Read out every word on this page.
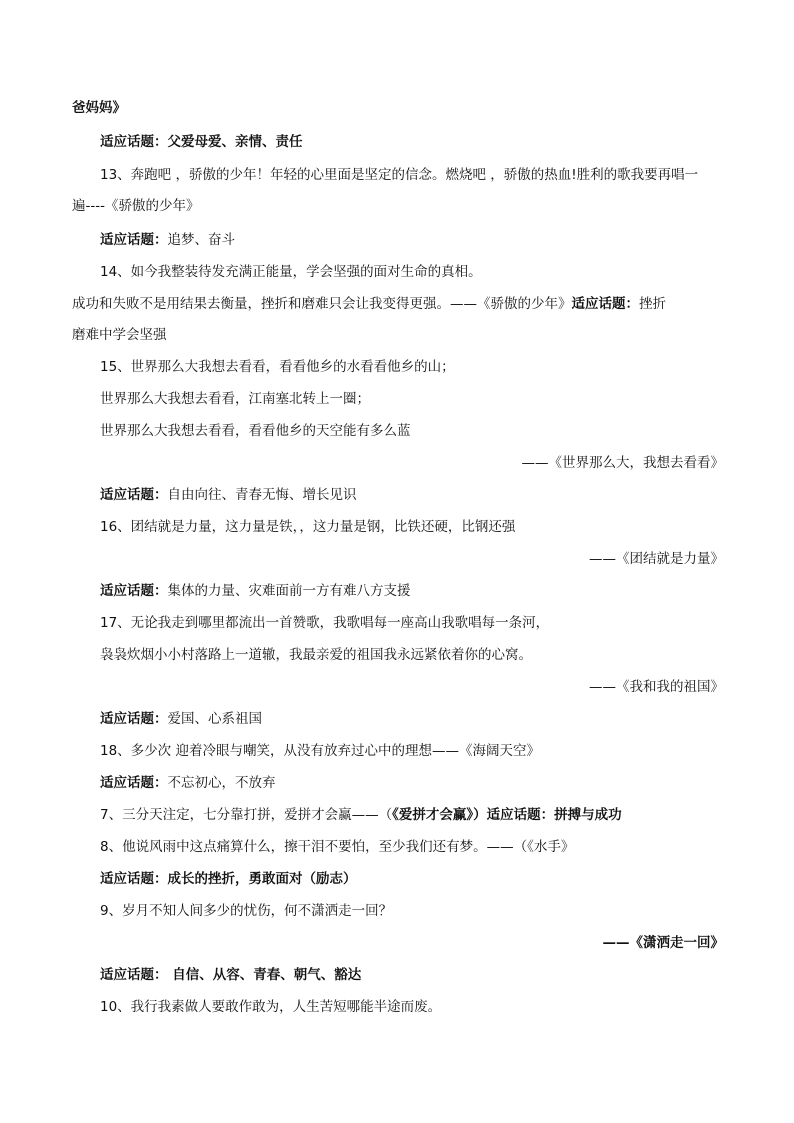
爸妈妈》
适应话题：父爱母爱、亲情、责任
13、奔跑吧 ，骄傲的少年！年轻的心里面是坚定的信念。燃烧吧 ，骄傲的热血!胜利的歌我要再唱一
遍----《骄傲的少年》
适应话题：追梦、奋斗
14、如今我整装待发充满正能量，学会坚强的面对生命的真相。
成功和失败不是用结果去衡量，挫折和磨难只会让我变得更强。——《骄傲的少年》适应话题：挫折
磨难中学会坚强
15、世界那么大我想去看看，看看他乡的水看看他乡的山；
世界那么大我想去看看，江南塞北转上一圈；
世界那么大我想去看看，看看他乡的天空能有多么蓝
——《世界那么大，我想去看看》
适应话题：自由向往、青春无悔、增长见识
16、团结就是力量，这力量是铁，，这力量是钢，比铁还硬，比钢还强
——《团结就是力量》
适应话题：集体的力量、灾难面前一方有难八方支援
17、无论我走到哪里都流出一首赞歌，我歌唱每一座高山我歌唱每一条河，
袅袅炊烟小小村落路上一道辙，我最亲爱的祖国我永远紧依着你的心窝。
——《我和我的祖国》
适应话题：爱国、心系祖国
18、多少次 迎着冷眼与嘲笑，从没有放弃过心中的理想——《海阔天空》
适应话题：不忘初心，不放弃
7、三分天注定，七分靠打拼，爱拼才会赢——（《爱拼才会赢》）适应话题：拼搏与成功
8、他说风雨中这点痛算什么，擦干泪不要怕，至少我们还有梦。——（《水手》
适应话题：成长的挫折，勇敢面对（励志）
9、岁月不知人间多少的忧伤，何不潇洒走一回？
——《潇洒走一回》
适应话题： 自信、从容、青春、朝气、豁达
10、我行我素做人要敢作敢为，人生苦短哪能半途而废。
